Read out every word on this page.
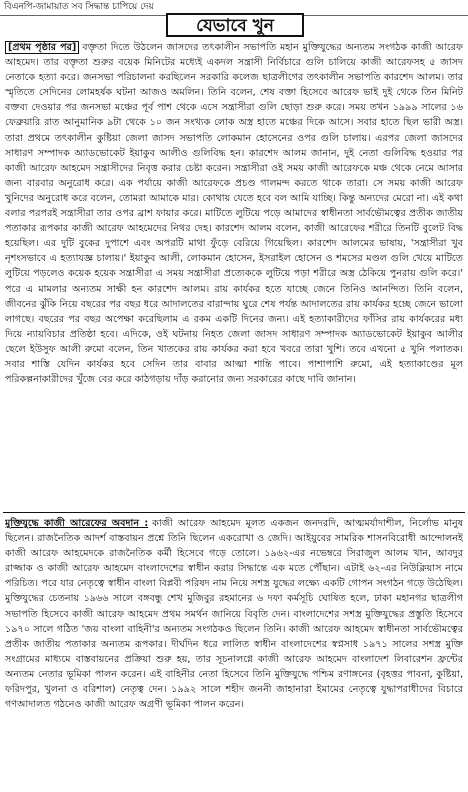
বিএনপি-জামায়াত সব সিদ্ধান্ত চাপিয়ে দেয়
যেভাবে খুন

[প্রথম পৃষ্ঠার পর] বক্তৃতা দিতে উঠলেন জাসদের তৎকালীন সভাপতি মহান মুক্তিযুদ্ধের অন্যতম সংগঠক কাজী আরেফ আহমেদ। তার বক্তৃতা শুরুর বয়েক মিনিটের মধ্যেই একদল সন্ত্রাসী নির্বিচারে গুলি চালিয়ে কাজী আরেফসহ ৫ জাসদ নেতাকে হত্যা করে। জনসভা পরিচালনা করছিলেন সরকারি কলেজ ছাত্রলীগের তৎকালীন সভাপতি কারশেদ আলম। তার স্মৃতিতে সেদিনের লোমহর্ষক ঘটনা আজও অমলিন। তিনি বলেন, শেষ বক্তা হিসেবে আরেফ ভাই দুই থেকে তিন মিনিট বক্তব্য দেওয়ার পর জনসভা মঞ্চের পূর্ব পাশ থেকে এসে সন্ত্রাসীরা গুলি ছোড়া শুরু করে। সময় তখন ১৯৯৯ সালের ১৬ ফেব্রুয়ারি রাত আনুমানিক ৯টা থেকে ১০ জন সংখ্যক লোক অস্ত্র হাতে মঞ্চের দিকে আসে। সবার হাতে ছিল ভারী অস্ত্র। তারা প্রথমে তৎকালীন কুষ্টিয়া জেলা জাসদ সভাপতি লোকমান হোসেনের ওপর গুলি চালায়। এরপর জেলা জাসদের সাধারণ সম্পাদক অ্যাডভোকেট ইয়াকুব আলীও গুলিবিদ্ধ হন। কারশেদ আলম জানান, দুই নেতা গুলিবিদ্ধ হওয়ার পর কাজী আরেফ আহমেদ সন্ত্রাসীদের নিবৃত্ত করার চেষ্টা করেন। সন্ত্রাসীরা ওই সময় কাজী আরেফকে মঞ্চ থেকে নেমে আসার জন্য বারবার অনুরোধ করে। এক পর্যায়ে কাজী আরেফকে প্রচণ্ড গালমন্দ করতে থাকে তারা। সে সময় কাজী আরেফ খুনিদের অনুরোধ করে বলেন, তোমরা আমাকে মার। কোথায় যেতে হবে বল আমি যাচ্ছি। কিন্তু অন্যদের মেরো না। এই কথা বলার পরপরই সন্ত্রাসীরা তার ওপর ব্রাশ ফায়ার করে। মাটিতে লুটিয়ে পড়ে আমাদের স্বাধীনতা সার্বভৌমত্বের প্রতীক জাতীয় পতাকার রূপকার কাজী আরেফ আহমেদের নিথর দেহ। কারশেদ আলম বলেন, কাজী আরেফের শরীরে তিনটি বুলেট বিদ্ধ হয়েছিল। এর দুটি বুকের দুপাশে এবং অপরটি মাথা ফুঁড়ে বেরিয়ে গিয়েছিল। কারশেদ আলমের ভাষায়, 'সন্ত্রাসীরা খুব নৃশংসভাবে এ হত্যাযজ্ঞ চালায়।' ইয়াকুব আলী, লোকমান হোসেন, ইসরাইল হোসেন ও শমসের মণ্ডল গুলি খেয়ে মাটিতে লুটিয়ে পড়লেও কয়েক হয়েক সন্ত্রাসীরা এ সময় সন্ত্রাসীরা প্রত্যেককে লুটিয়ে পড়া শরীরে অস্ত্র ঠেকিয়ে পুনরায় গুলি করে।' পরে এ মামলার অন্যতম সাক্ষী হন কারশেদ আলম। রায় কার্যকর হতে যাচ্ছে জেনে তিনিও আনন্দিত। তিনি বলেন, জীবনের ঝুঁকি নিয়ে বছরের পর বছর ধরে আদালতের বারান্দায় ঘুরে শেষ পর্যন্ত আদালতের রায় কার্যকর হচ্ছে জেনে ভালো লাগছে। বছরের পর বছর অপেক্ষা করেছিলাম এ রকম একটি দিনের জন্য। এই হত্যাকারীদের ফাঁসির রায় কার্যকরের মধ্য দিয়ে ন্যায়বিচার প্রতিষ্ঠা হবে। এদিকে, ওই ঘটনায় নিহত জেলা জাসদ সাধারণ সম্পাদক অ্যাডভোকেট ইয়াকুব আলীর ছেলে ইউসুফ আলী রুমো বলেন, তিন খাতকের রায় কার্যকর করা হবে খবরে তারা খুশি। তবে এখনো ৫ খুনি পলাতক। সবার শাস্তি যেদিন কার্যকর হবে সেদিন তার বাবার আত্মা শান্তি পাবে। পাশাপাশি রুমো, এই হত্যাকাণ্ডের মূল পরিকল্পনাকারীদের খুঁজে বের করে কাঠগড়ায় দাঁড় করানোর জন্য সরকারের কাছে দাবি জানান।

মুক্তিযুদ্ধে কাজী আরেফের অবদান : কাজী আরেফ আহমেদ মূলত একজন জনদরদি, আত্মমর্যাদাশীল, নির্লোভ মানুষ ছিলেন। রাজনৈতিক আদর্শ বাস্তবায়ন প্রশ্নে তিনি ছিলেন একরোখা ও জেদি। আইয়ুবের সামরিক শাসনবিরোধী আন্দোলনই কাজী আরেফ আহমেদকে রাজনৈতিক কর্মী হিসেবে গড়ে তোলে। ১৯৬২-এর নভেম্বরে সিরাজুল আলম খান, আবদুর রাজ্জাক ও কাজী আরেফ আহমেদ বাংলাদেশের স্বাধীন করার সিদ্ধান্তে এক মতে পৌঁছান। এটাই ৬২-এর নিউক্লিয়াস নামে পরিচিত। পরে যার নেতৃত্বে স্বাধীন বাংলা বিপ্লবী পরিষদ নাম নিয়ে সশস্ত্র যুদ্ধের লক্ষ্যে একটি গোপন সংগঠন গড়ে উঠেছিল। মুক্তিযুদ্ধের চেতনায় ১৯৬৬ সালে বঙ্গবন্ধু শেখ মুজিবুর রহমানের ৬ দফা কর্মসূচি ঘোষিত হলে, ঢাকা মহানগর ছাত্রলীগ সভাপতি হিসেবে কাজী আরেফ আহমেদ প্রথম সমর্থন জানিয়ে বিবৃতি দেন। বাংলাদেশের সশস্ত্র মুক্তিযুদ্ধের প্রস্তুতি হিসেবে ১৯৭০ সালে গঠিত 'জয় বাংলা বাহিনী'র অন্যতম সংগঠকও ছিলেন তিনি। কাজী আরেফ আহমেদ স্বাধীনতা সার্বভৌমত্বের প্রতীক জাতীয় পতাকার অন্যতম রূপকার। দীর্ঘদিন ধরে লালিত স্বাধীন বাংলাদেশের স্বপ্নসাধ ১৯৭১ সালের সশস্ত্র মুক্তি সংগ্রামের মাধ্যমে বাস্তবায়নের প্রক্রিয়া শুরু হয়, তার সূচনালগ্নে কাজী আরেফ আহমেদ বাংলাদেশ লিবারেশন ফ্রন্টের অন্যতম নেতার ভূমিকা পালন করেন। এই বাহিনীর নেতা হিসেবে তিনি মুক্তিযুদ্ধে পশ্চিম রণাঙ্গনের (বৃহত্তর পাবনা, কুষ্টিয়া, ফরিদপুর, খুলনা ও বরিশাল) নেতৃত্ব দেন। ১৯৯২ সালে শহীদ জননী জাহানারা ইমামের নেতৃত্বে যুদ্ধাপরাধীদের বিচারে গণআদালত গঠনেও কাজী আরেফ অগ্রণী ভূমিকা পালন করেন।
